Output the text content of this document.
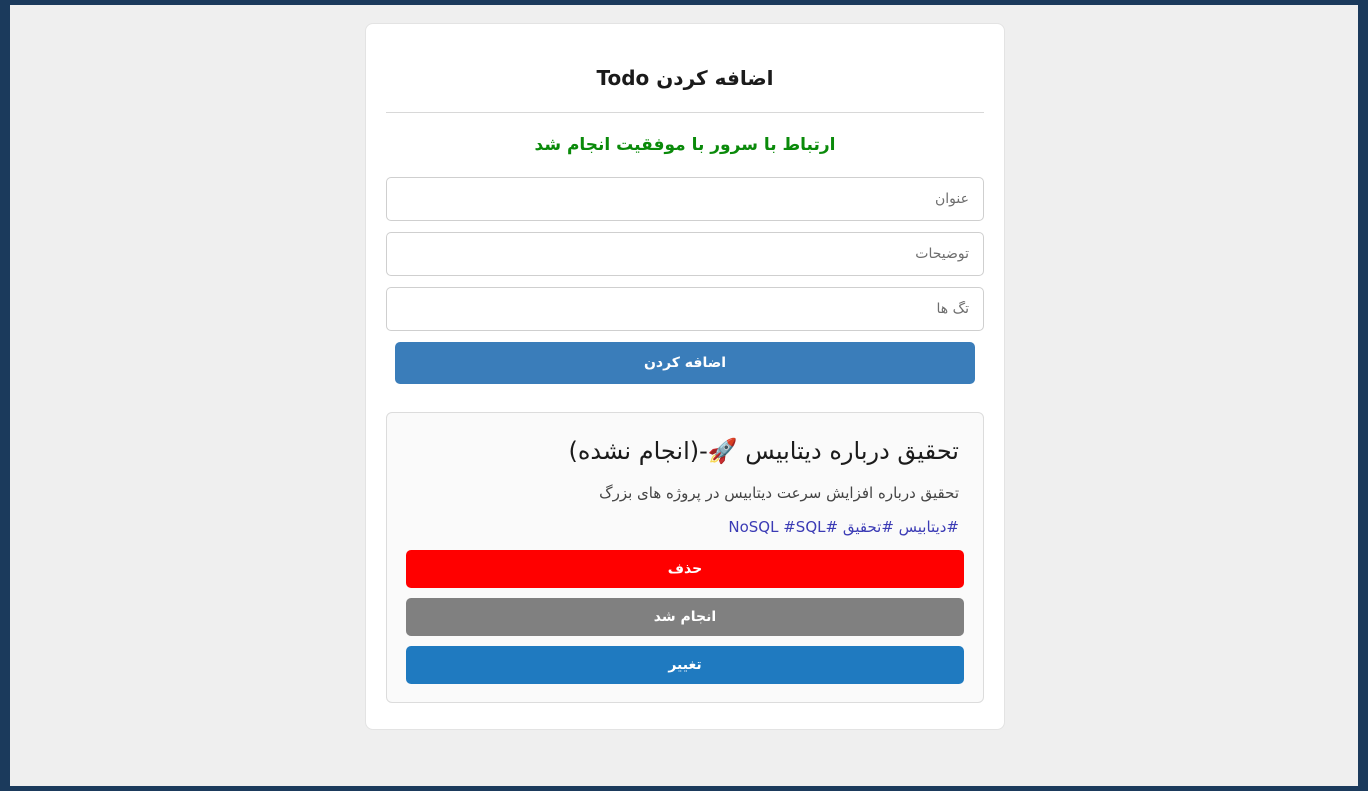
اضافه کردن Todo
ارتباط با سرور با موفقیت انجام شد
عنوان
توضیحات
تگ ها
اضافه کردن
تحقیق درباره دیتابیس 🚀-(انجام نشده)
تحقیق درباره افزایش سرعت دیتابیس در پروژه های بزرگ
#دیتابیس #تحقیق #NoSQL #SQL
حذف
انجام شد
تغییر
خانه
